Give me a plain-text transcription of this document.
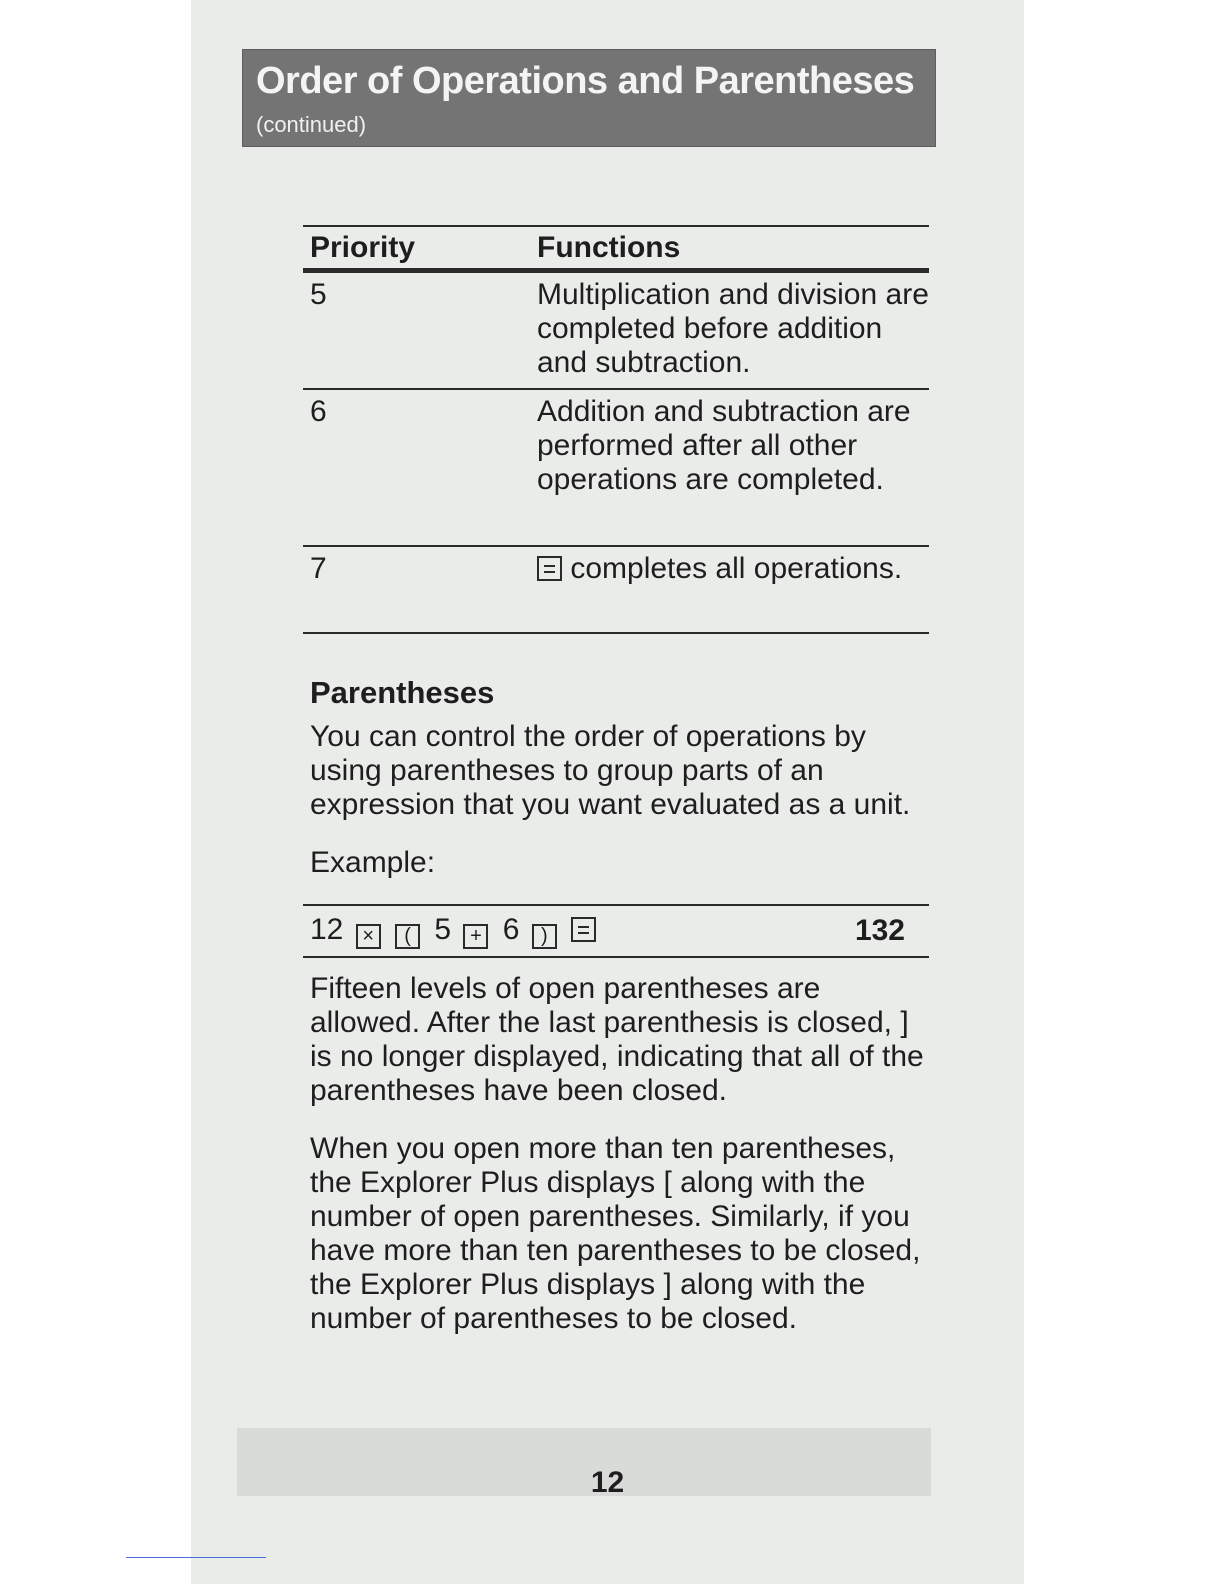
Order of Operations and Parentheses
(continued)
Priority	Functions
5	Multiplication and division are completed before addition and subtraction.
6	Addition and subtraction are performed after all other operations are completed.
7	completes all operations.
Parentheses
You can control the order of operations by using parentheses to group parts of an expression that you want evaluated as a unit.
Example:
12 × ( 5 + 6 )	132
Fifteen levels of open parentheses are allowed. After the last parenthesis is closed, ] is no longer displayed, indicating that all of the parentheses have been closed.
When you open more than ten parentheses, the Explorer Plus displays [ along with the number of open parentheses. Similarly, if you have more than ten parentheses to be closed, the Explorer Plus displays ] along with the number of parentheses to be closed.
12
